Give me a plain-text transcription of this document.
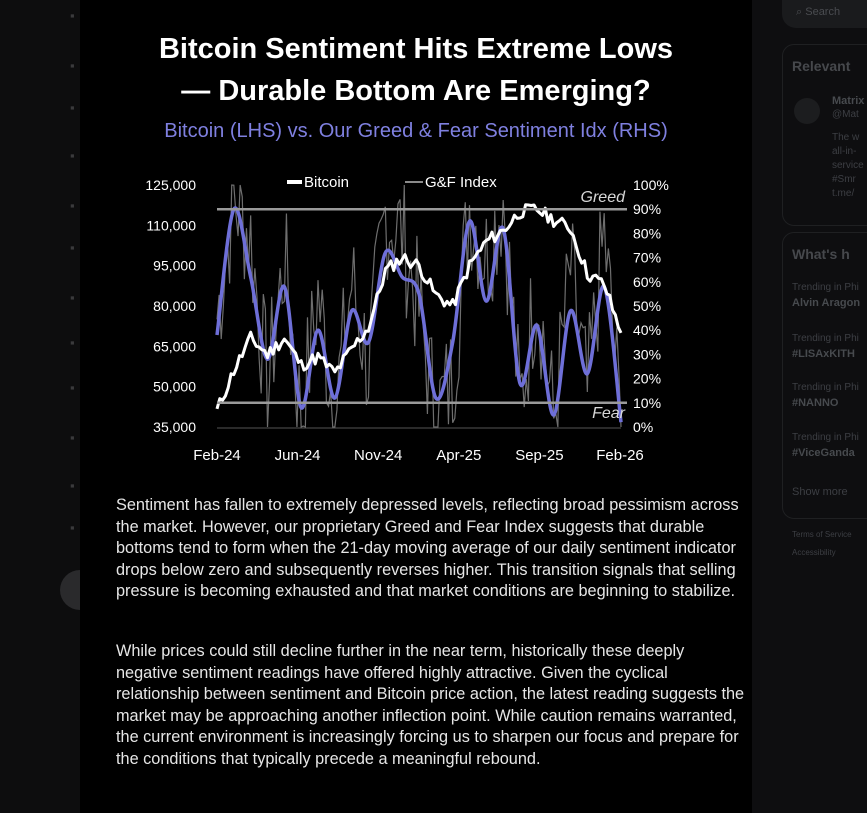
▪
▪
▪
▪
▪
▪
▪
▪
▪
▪
▪
▪
⌕ Search
Relevant
Matrix
@Mat
The w
all-in-
service
#Smr
t.me/
What's h
Trending in Phi
Alvin Aragon
Trending in Phi
#LISAxKITH
Trending in Phi
#NANNO
Trending in Phi
#ViceGanda
Show more
Terms of Service
Accessibility
Bitcoin Sentiment Hits Extreme Lows
— Durable Bottom Are Emerging?
Bitcoin (LHS) vs. Our Greed & Fear Sentiment Idx (RHS)
125,000
110,000
95,000
80,000
65,000
50,000
35,000
100%
90%
80%
70%
60%
50%
40%
30%
20%
10%
0%
Feb-24 Jun-24 Nov-24 Apr-25 Sep-25 Feb-26
Greed
Fear
Bitcoin	G&F Index

Sentiment has fallen to extremely depressed levels, reflecting broad pessimism across the market. However, our proprietary Greed and Fear Index suggests that durable bottoms tend to form when the 21-day moving average of our daily sentiment indicator drops below zero and subsequently reverses higher. This transition signals that selling pressure is becoming exhausted and that market conditions are beginning to stabilize.

While prices could still decline further in the near term, historically these deeply negative sentiment readings have offered highly attractive. Given the cyclical relationship between sentiment and Bitcoin price action, the latest reading suggests the market may be approaching another inflection point. While caution remains warranted, the current environment is increasingly forcing us to sharpen our focus and prepare for the conditions that typically precede a meaningful rebound.
